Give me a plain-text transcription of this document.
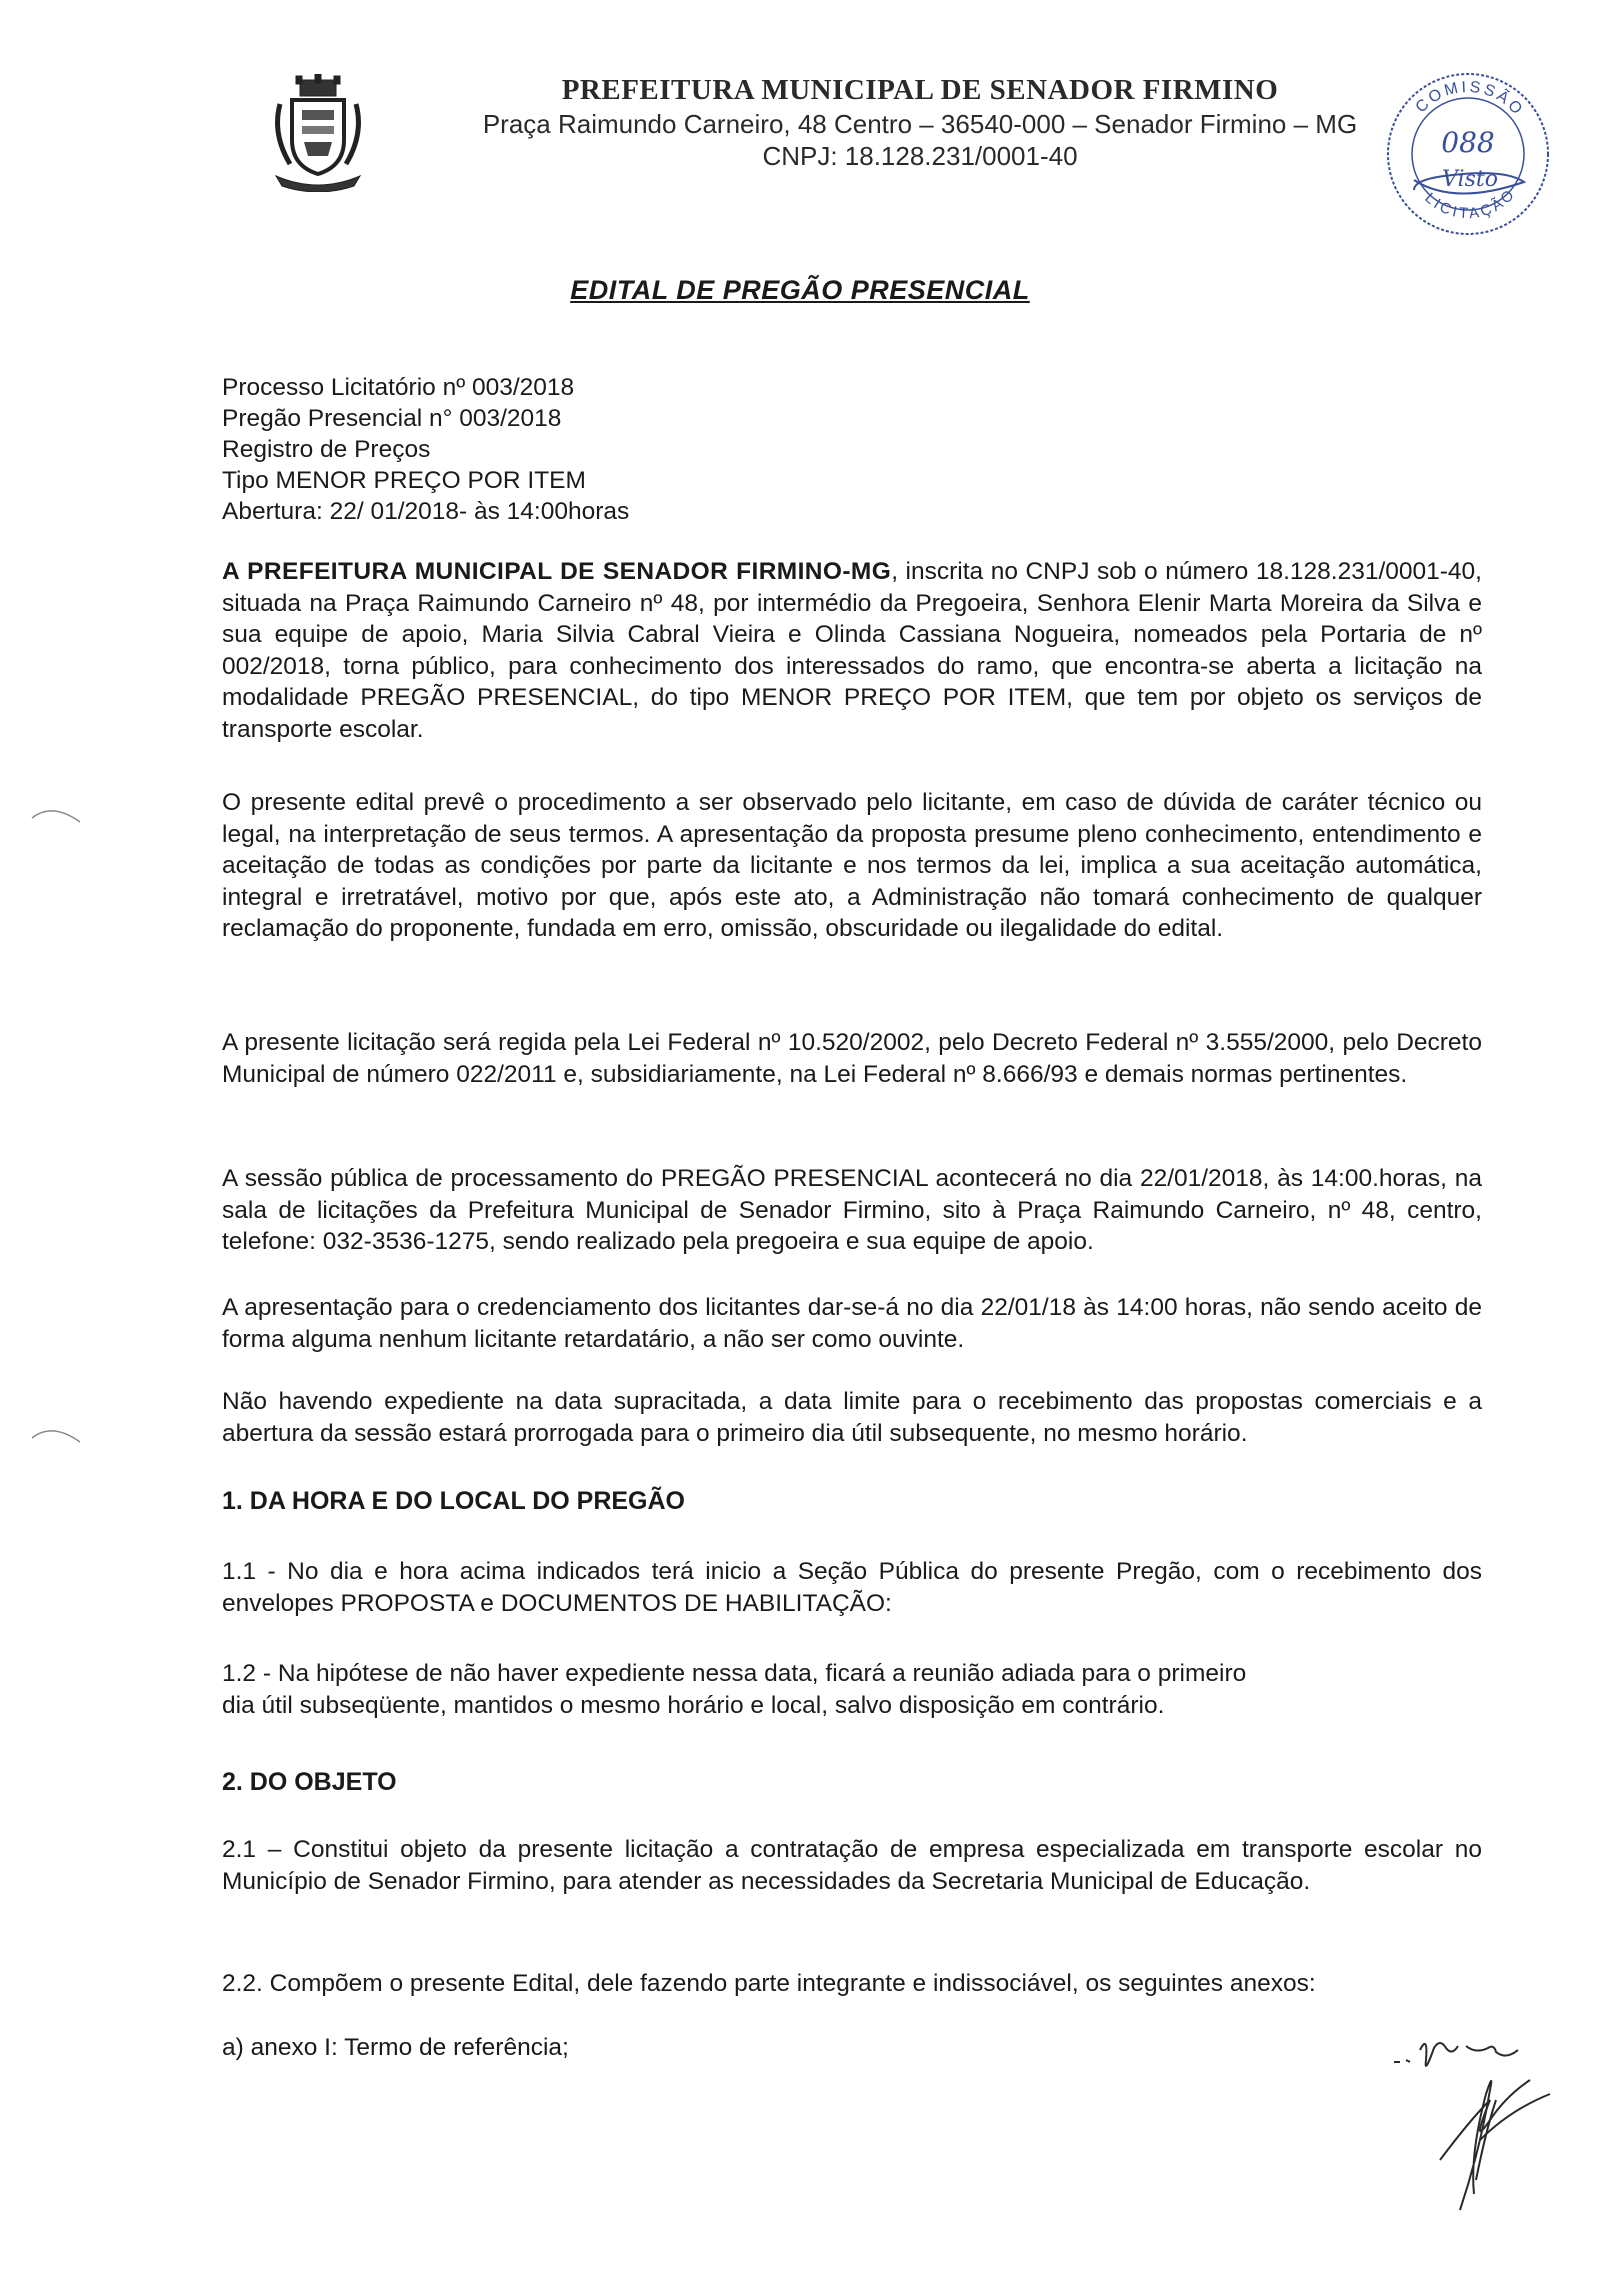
PREFEITURA MUNICIPAL DE SENADOR FIRMINO
Praça Raimundo Carneiro, 48 Centro – 36540-000 – Senador Firmino – MG
CNPJ: 18.128.231/0001-40
COMISSÃO
LICITAÇÃO
088
Visto
EDITAL DE PREGÃO PRESENCIAL
Processo Licitatório nº 003/2018
Pregão Presencial n° 003/2018
Registro de Preços
Tipo MENOR PREÇO POR ITEM
Abertura: 22/ 01/2018- às 14:00horas
A PREFEITURA MUNICIPAL DE SENADOR FIRMINO-MG, inscrita no CNPJ sob o número 18.128.231/0001-40, situada na Praça Raimundo Carneiro nº 48, por intermédio da Pregoeira, Senhora Elenir Marta Moreira da Silva e sua equipe de apoio, Maria Silvia Cabral Vieira e Olinda Cassiana Nogueira, nomeados pela Portaria de nº 002/2018, torna público, para conhecimento dos interessados do ramo, que encontra-se aberta a licitação na modalidade PREGÃO PRESENCIAL, do tipo MENOR PREÇO POR ITEM, que tem por objeto os serviços de transporte escolar.
O presente edital prevê o procedimento a ser observado pelo licitante, em caso de dúvida de caráter técnico ou legal, na interpretação de seus termos. A apresentação da proposta presume pleno conhecimento, entendimento e aceitação de todas as condições por parte da licitante e nos termos da lei, implica a sua aceitação automática, integral e irretratável, motivo por que, após este ato, a Administração não tomará conhecimento de qualquer reclamação do proponente, fundada em erro, omissão, obscuridade ou ilegalidade do edital.
A presente licitação será regida pela Lei Federal nº 10.520/2002, pelo Decreto Federal nº 3.555/2000, pelo Decreto Municipal de número 022/2011 e, subsidiariamente, na Lei Federal nº 8.666/93 e demais normas pertinentes.
A sessão pública de processamento do PREGÃO PRESENCIAL acontecerá no dia 22/01/2018, às 14:00.horas, na sala de licitações da Prefeitura Municipal de Senador Firmino, sito à Praça Raimundo Carneiro, nº 48, centro, telefone: 032-3536-1275, sendo realizado pela pregoeira e sua equipe de apoio.
A apresentação para o credenciamento dos licitantes dar-se-á no dia 22/01/18 às 14:00 horas, não sendo aceito de forma alguma nenhum licitante retardatário, a não ser como ouvinte.
Não havendo expediente na data supracitada, a data limite para o recebimento das propostas comerciais e a abertura da sessão estará prorrogada para o primeiro dia útil subsequente, no mesmo horário.
1. DA HORA E DO LOCAL DO PREGÃO
1.1 - No dia e hora acima indicados terá inicio a Seção Pública do presente Pregão, com o recebimento dos envelopes PROPOSTA e DOCUMENTOS DE HABILITAÇÃO:
1.2 - Na hipótese de não haver expediente nessa data, ficará a reunião adiada para o primeiro
dia útil subseqüente, mantidos o mesmo horário e local, salvo disposição em contrário.
2. DO OBJETO
2.1 – Constitui objeto da presente licitação a contratação de empresa especializada em transporte escolar no Município de Senador Firmino, para atender as necessidades da Secretaria Municipal de Educação.
2.2. Compõem o presente Edital, dele fazendo parte integrante e indissociável, os seguintes anexos:
a) anexo I: Termo de referência;
